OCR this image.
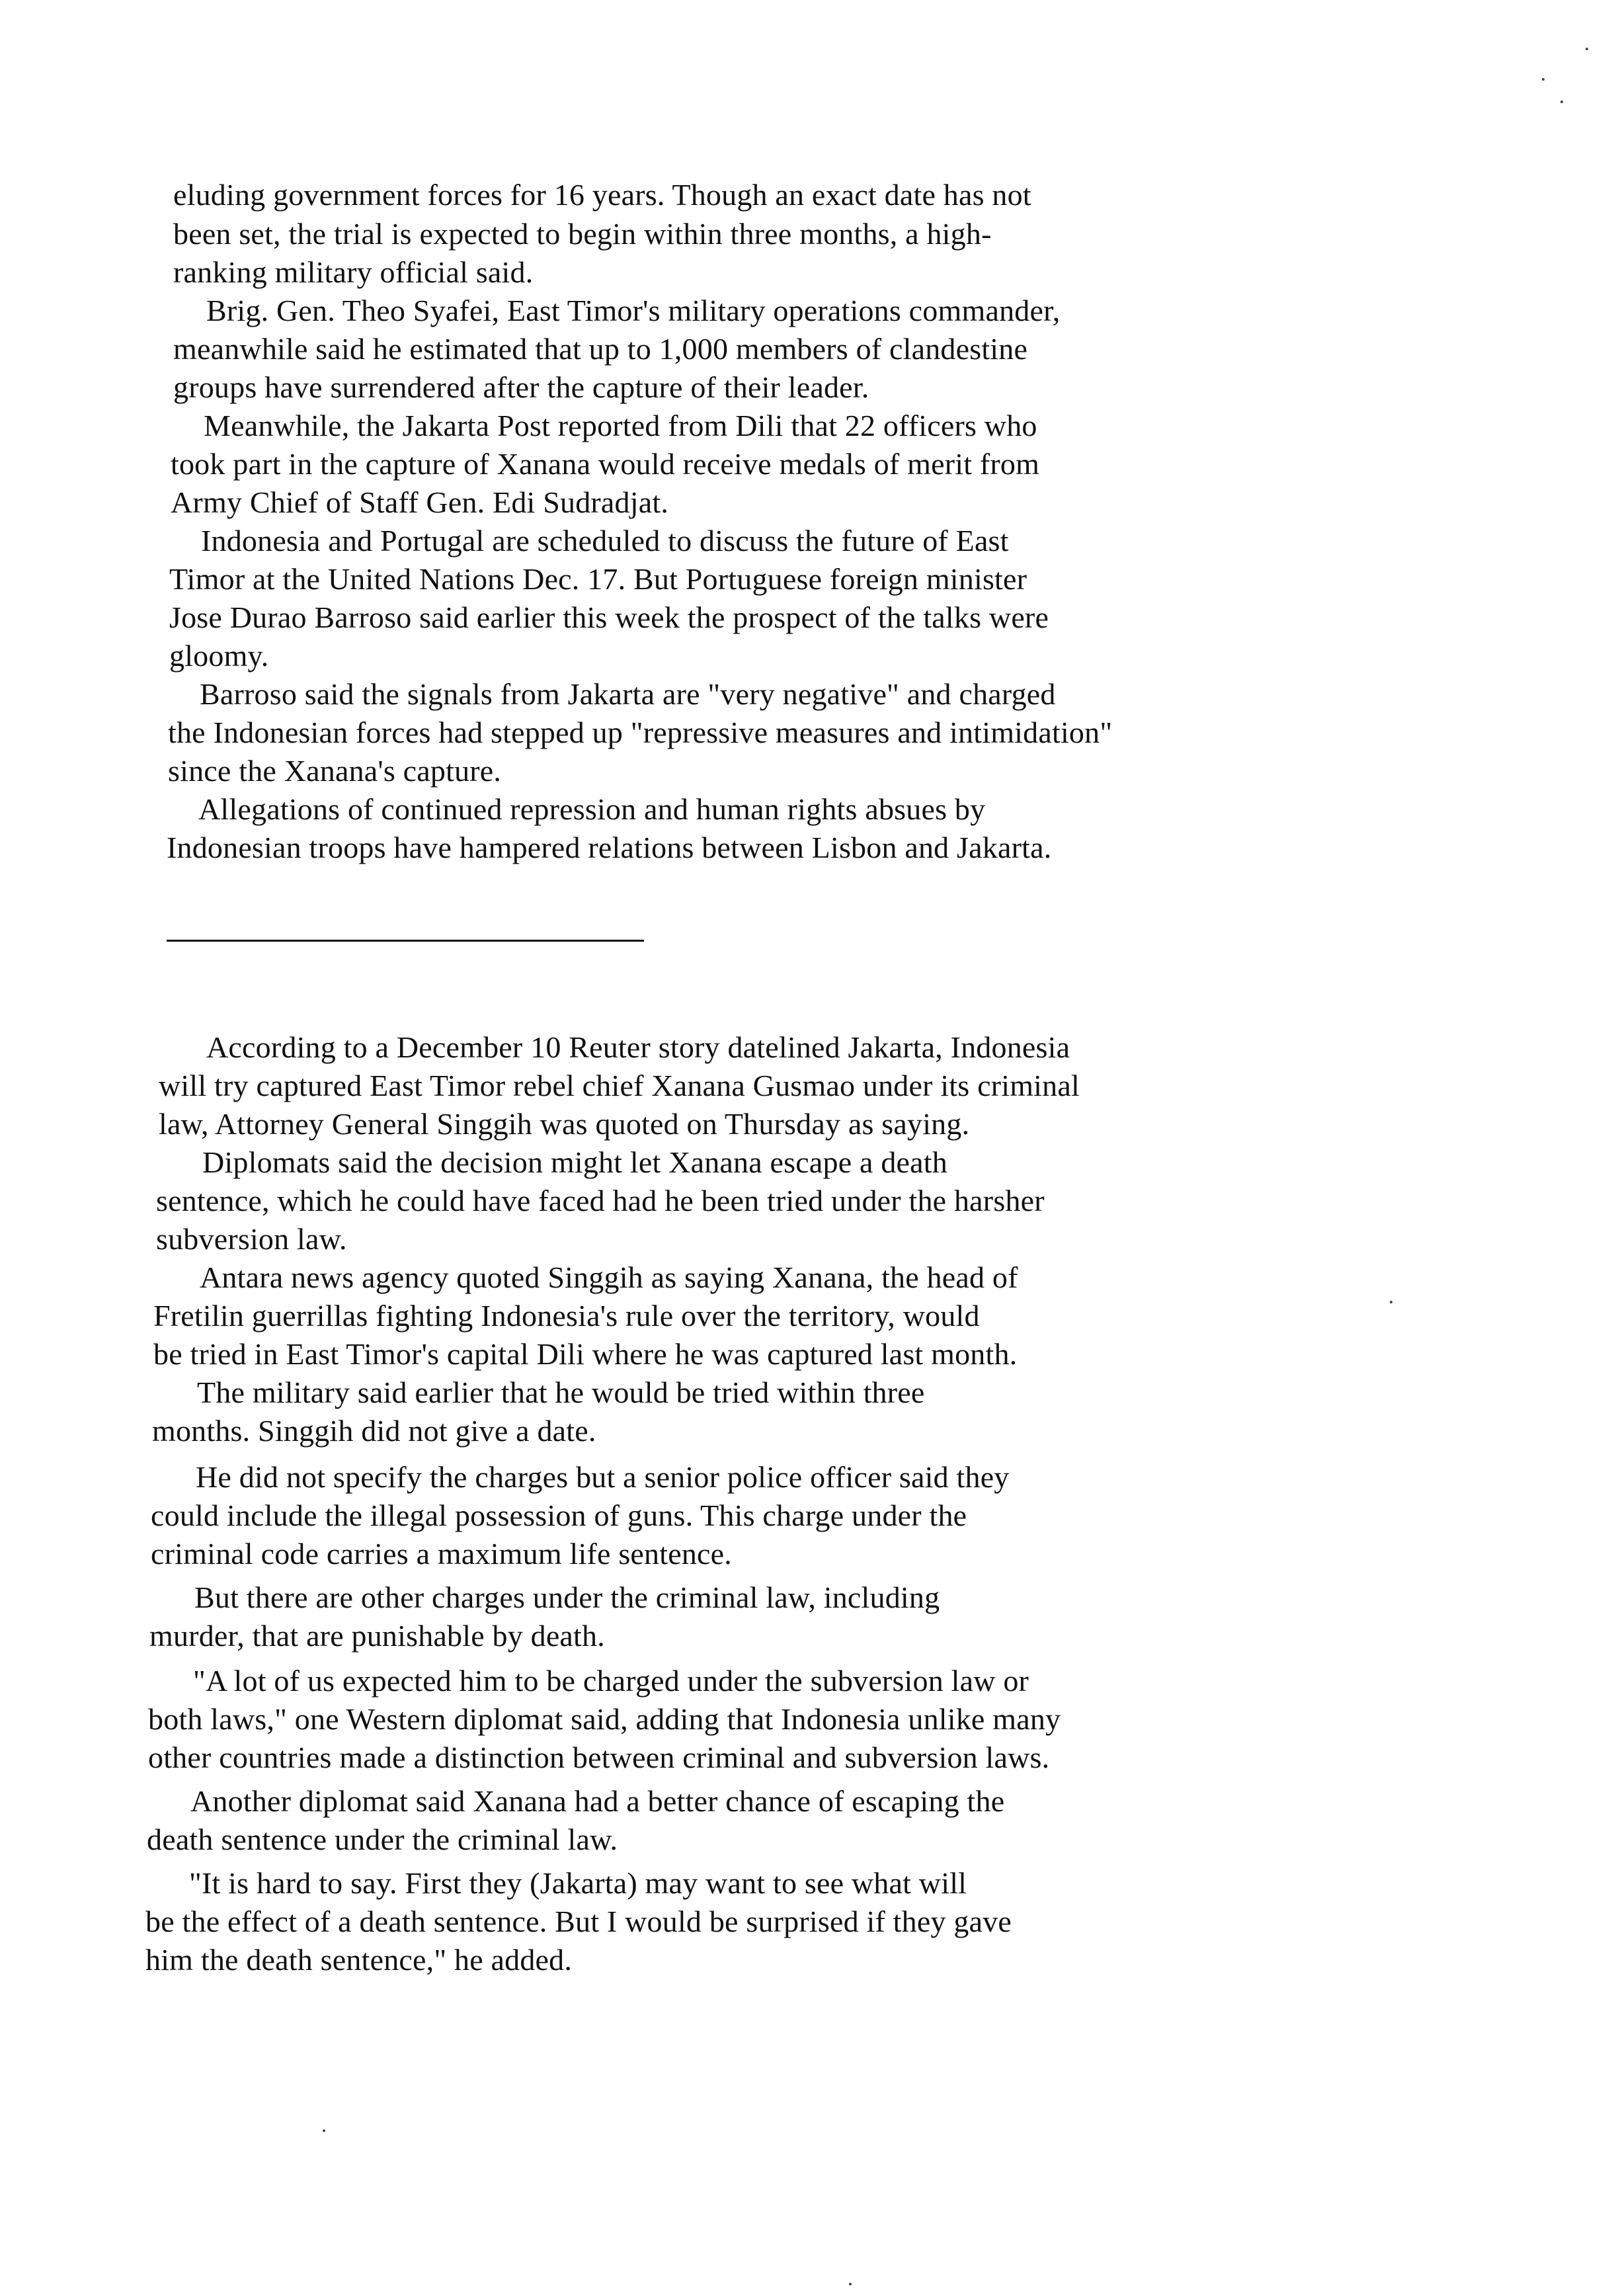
eluding government forces for 16 years. Though an exact date has not
been set, the trial is expected to begin within three months, a high-
ranking military official said.
Brig. Gen. Theo Syafei, East Timor's military operations commander,
meanwhile said he estimated that up to 1,000 members of clandestine
groups have surrendered after the capture of their leader.
Meanwhile, the Jakarta Post reported from Dili that 22 officers who
took part in the capture of Xanana would receive medals of merit from
Army Chief of Staff Gen. Edi Sudradjat.
Indonesia and Portugal are scheduled to discuss the future of East
Timor at the United Nations Dec. 17. But Portuguese foreign minister
Jose Durao Barroso said earlier this week the prospect of the talks were
gloomy.
Barroso said the signals from Jakarta are "very negative" and charged
the Indonesian forces had stepped up "repressive measures and intimidation"
since the Xanana's capture.
Allegations of continued repression and human rights absues by
Indonesian troops have hampered relations between Lisbon and Jakarta.
According to a December 10 Reuter story datelined Jakarta, Indonesia
will try captured East Timor rebel chief Xanana Gusmao under its criminal
law, Attorney General Singgih was quoted on Thursday as saying.
Diplomats said the decision might let Xanana escape a death
sentence, which he could have faced had he been tried under the harsher
subversion law.
Antara news agency quoted Singgih as saying Xanana, the head of
Fretilin guerrillas fighting Indonesia's rule over the territory, would
be tried in East Timor's capital Dili where he was captured last month.
The military said earlier that he would be tried within three
months. Singgih did not give a date.
He did not specify the charges but a senior police officer said they
could include the illegal possession of guns. This charge under the
criminal code carries a maximum life sentence.
But there are other charges under the criminal law, including
murder, that are punishable by death.
"A lot of us expected him to be charged under the subversion law or
both laws," one Western diplomat said, adding that Indonesia unlike many
other countries made a distinction between criminal and subversion laws.
Another diplomat said Xanana had a better chance of escaping the
death sentence under the criminal law.
"It is hard to say. First they (Jakarta) may want to see what will
be the effect of a death sentence. But I would be surprised if they gave
him the death sentence," he added.
